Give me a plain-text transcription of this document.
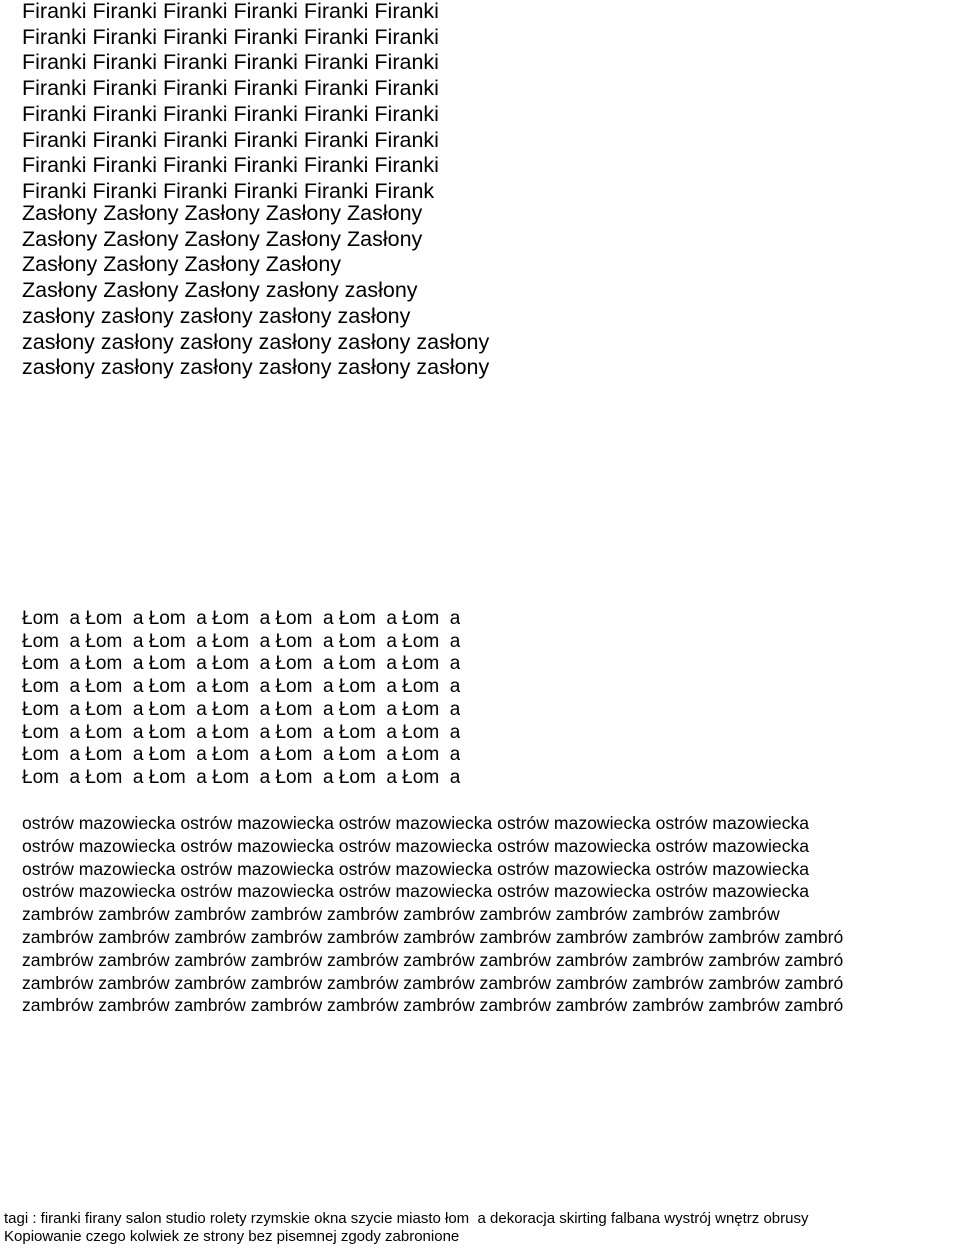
Firanki Firanki Firanki Firanki Firanki Firanki
Firanki Firanki Firanki Firanki Firanki Firanki
Firanki Firanki Firanki Firanki Firanki Firanki
Firanki Firanki Firanki Firanki Firanki Firanki
Firanki Firanki Firanki Firanki Firanki Firanki
Firanki Firanki Firanki Firanki Firanki Firanki
Firanki Firanki Firanki Firanki Firanki Firanki
Firanki Firanki Firanki Firanki Firanki Firank
Zasłony Zasłony Zasłony Zasłony Zasłony
Zasłony Zasłony Zasłony Zasłony Zasłony
Zasłony Zasłony Zasłony Zasłony
Zasłony Zasłony Zasłony zasłony zasłony
zasłony zasłony zasłony zasłony zasłony
zasłony zasłony zasłony zasłony zasłony zasłony
zasłony zasłony zasłony zasłony zasłony zasłony
Łom  a Łom  a Łom  a Łom  a Łom  a Łom  a Łom  a
Łom  a Łom  a Łom  a Łom  a Łom  a Łom  a Łom  a
Łom  a Łom  a Łom  a Łom  a Łom  a Łom  a Łom  a
Łom  a Łom  a Łom  a Łom  a Łom  a Łom  a Łom  a
Łom  a Łom  a Łom  a Łom  a Łom  a Łom  a Łom  a
Łom  a Łom  a Łom  a Łom  a Łom  a Łom  a Łom  a
Łom  a Łom  a Łom  a Łom  a Łom  a Łom  a Łom  a
Łom  a Łom  a Łom  a Łom  a Łom  a Łom  a Łom  a
ostrów mazowiecka ostrów mazowiecka ostrów mazowiecka ostrów mazowiecka ostrów mazowiecka
ostrów mazowiecka ostrów mazowiecka ostrów mazowiecka ostrów mazowiecka ostrów mazowiecka
ostrów mazowiecka ostrów mazowiecka ostrów mazowiecka ostrów mazowiecka ostrów mazowiecka
ostrów mazowiecka ostrów mazowiecka ostrów mazowiecka ostrów mazowiecka ostrów mazowiecka
zambrów zambrów zambrów zambrów zambrów zambrów zambrów zambrów zambrów zambrów
zambrów zambrów zambrów zambrów zambrów zambrów zambrów zambrów zambrów zambrów zambró
zambrów zambrów zambrów zambrów zambrów zambrów zambrów zambrów zambrów zambrów zambró
zambrów zambrów zambrów zambrów zambrów zambrów zambrów zambrów zambrów zambrów zambró
zambrów zambrów zambrów zambrów zambrów zambrów zambrów zambrów zambrów zambrów zambró
tagi : firanki firany salon studio rolety rzymskie okna szycie miasto łom  a dekoracja skirting falbana wystrój wnętrz obrusy
Kopiowanie czego kolwiek ze strony bez pisemnej zgody zabronione
